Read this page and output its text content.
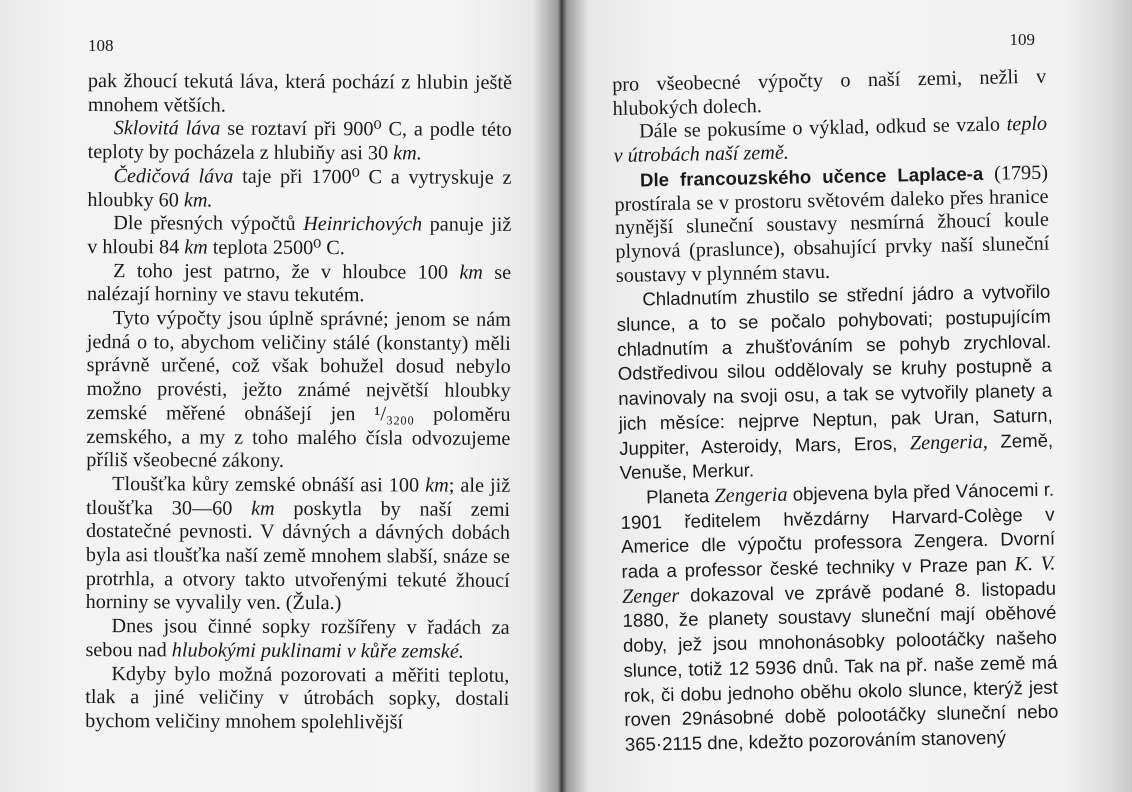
108

pak žhoucí tekutá láva, která pochází z hlubin ještě mnohem větších.

Sklovitá láva se roztaví při 900⁰ C, a podle této teploty by pocházela z hlubiňy asi 30 km.

Čedičová láva taje při 1700⁰ C a vytryskuje z hloubky 60 km.

Dle přesných výpočtů Heinrichových panuje již v hloubi 84 km teplota 2500⁰ C.

Z toho jest patrno, že v hloubce 100 km se nalézají horniny ve stavu tekutém.

Tyto výpočty jsou úplně správné; jenom se nám jedná o to, abychom veličiny stálé (konstanty) měli správně určené, což však bohužel dosud nebylo možno provésti, ježto známé největší hloubky zemské měřené obnášejí jen ¹/₃₂₀₀ poloměru zemského, a my z toho malého čísla odvozujeme příliš všeobecné zákony.

Tloušťka kůry zemské obnáší asi 100 km; ale již tloušťka 30—60 km poskytla by naší zemi dostatečné pevnosti. V dávných a dávných dobách byla asi tloušťka naší země mnohem slabší, snáze se protrhla, a otvory takto utvořenými tekuté žhoucí horniny se vyvalily ven. (Žula.)

Dnes jsou činné sopky rozšířeny v řadách za sebou nad hlubokými puklinami v kůře zemské.

Kdyby bylo možná pozorovati a měřiti teplotu, tlak a jiné veličiny v útrobách sopky, dostali bychom veličiny mnohem spolehlivější

109

pro všeobecné výpočty o naší zemi, nežli v hlubokých dolech.

Dále se pokusíme o výklad, odkud se vzalo teplo v útrobách naší země.

Dle francouzského učence Laplace-a (1795) prostírala se v prostoru světovém daleko přes hranice nynější sluneční soustavy nesmírná žhoucí koule plynová (praslunce), obsahující prvky naší sluneční soustavy v plynném stavu.

Chladnutím zhustilo se střední jádro a vytvořilo slunce, a to se počalo pohybovati; postupujícím chladnutím a zhušťováním se pohyb zrychloval. Odstředivou silou oddělovaly se kruhy postupně a navinovaly na svoji osu, a tak se vytvořily planety a jich měsíce: nejprve Neptun, pak Uran, Saturn, Juppiter, Asteroidy, Mars, Eros, Zengeria, Země, Venuše, Merkur.

Planeta Zengeria objevena byla před Vánocemi r. 1901 ředitelem hvězdárny Harvard-Colège v Americe dle výpočtu professora Zengera. Dvorní rada a professor české techniky v Praze pan K. V. Zenger dokazoval ve zprávě podané 8. listopadu 1880, že planety soustavy sluneční mají oběhové doby, jež jsou mnohonásobky polootáčky našeho slunce, totiž 12 5936 dnů. Tak na př. naše země má rok, či dobu jednoho oběhu okolo slunce, kterýž jest roven 29násobné době polootáčky sluneční nebo 365·2115 dne, kdežto pozorováním stanovený
